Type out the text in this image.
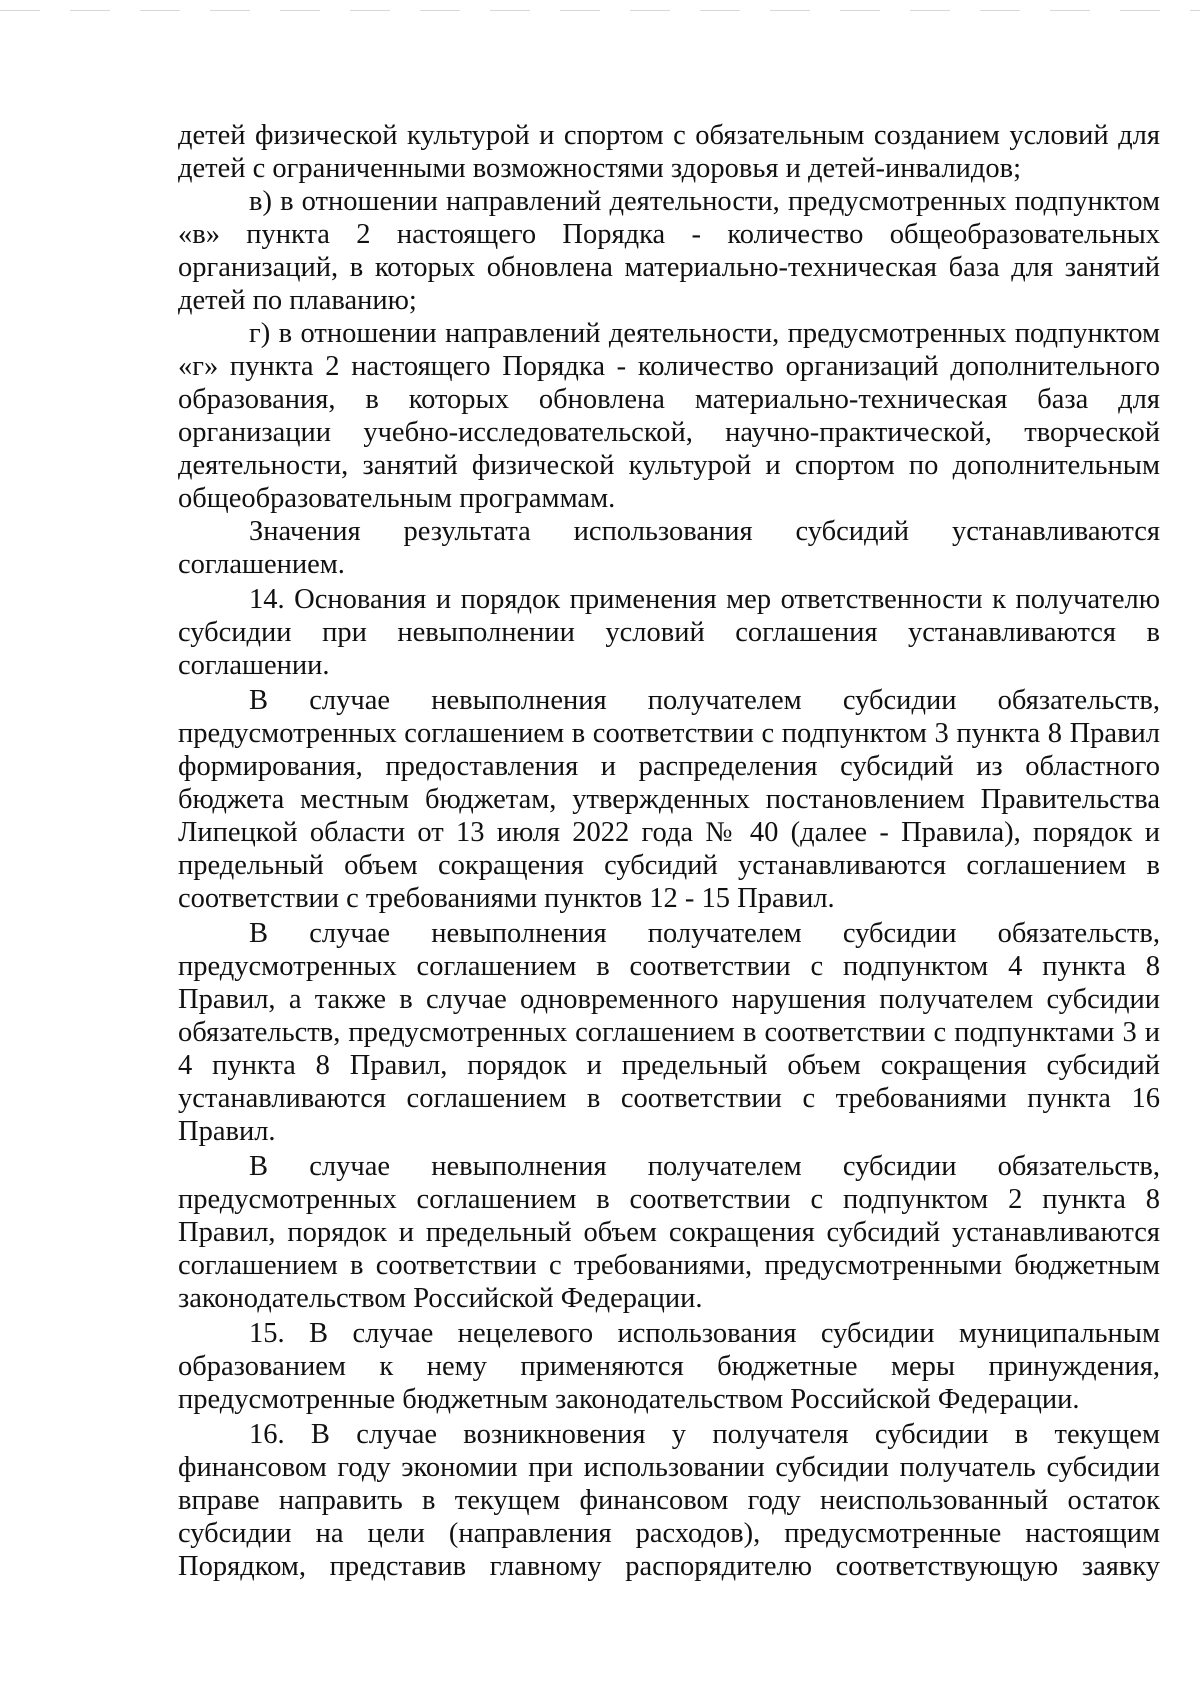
детей физической культурой и спортом с обязательным созданием условий для детей с ограниченными возможностями здоровья и детей-инвалидов;

в) в отношении направлений деятельности, предусмотренных подпунктом «в» пункта 2 настоящего Порядка - количество общеобразовательных организаций, в которых обновлена материально-техническая база для занятий детей по плаванию;

г) в отношении направлений деятельности, предусмотренных подпунктом «г» пункта 2 настоящего Порядка - количество организаций дополнительного образования, в которых обновлена материально-техническая база для организации учебно-исследовательской, научно-практической, творческой деятельности, занятий физической культурой и спортом по дополнительным общеобразовательным программам.

Значения результата использования субсидий устанавливаются соглашением.

14. Основания и порядок применения мер ответственности к получателю субсидии при невыполнении условий соглашения устанавливаются в соглашении.

В случае невыполнения получателем субсидии обязательств, предусмотренных соглашением в соответствии с подпунктом 3 пункта 8 Правил формирования, предоставления и распределения субсидий из областного бюджета местным бюджетам, утвержденных постановлением Правительства Липецкой области от 13 июля 2022 года № 40 (далее - Правила), порядок и предельный объем сокращения субсидий устанавливаются соглашением в соответствии с требованиями пунктов 12 - 15 Правил.

В случае невыполнения получателем субсидии обязательств, предусмотренных соглашением в соответствии с подпунктом 4 пункта 8 Правил, а также в случае одновременного нарушения получателем субсидии обязательств, предусмотренных соглашением в соответствии с подпунктами 3 и 4 пункта 8 Правил, порядок и предельный объем сокращения субсидий устанавливаются соглашением в соответствии с требованиями пункта 16 Правил.

В случае невыполнения получателем субсидии обязательств, предусмотренных соглашением в соответствии с подпунктом 2 пункта 8 Правил, порядок и предельный объем сокращения субсидий устанавливаются соглашением в соответствии с требованиями, предусмотренными бюджетным законодательством Российской Федерации.

15. В случае нецелевого использования субсидии муниципальным образованием к нему применяются бюджетные меры принуждения, предусмотренные бюджетным законодательством Российской Федерации.

16. В случае возникновения у получателя субсидии в текущем финансовом году экономии при использовании субсидии получатель субсидии вправе направить в текущем финансовом году неиспользованный остаток субсидии на цели (направления расходов), предусмотренные настоящим Порядком, представив главному распорядителю соответствующую заявку
